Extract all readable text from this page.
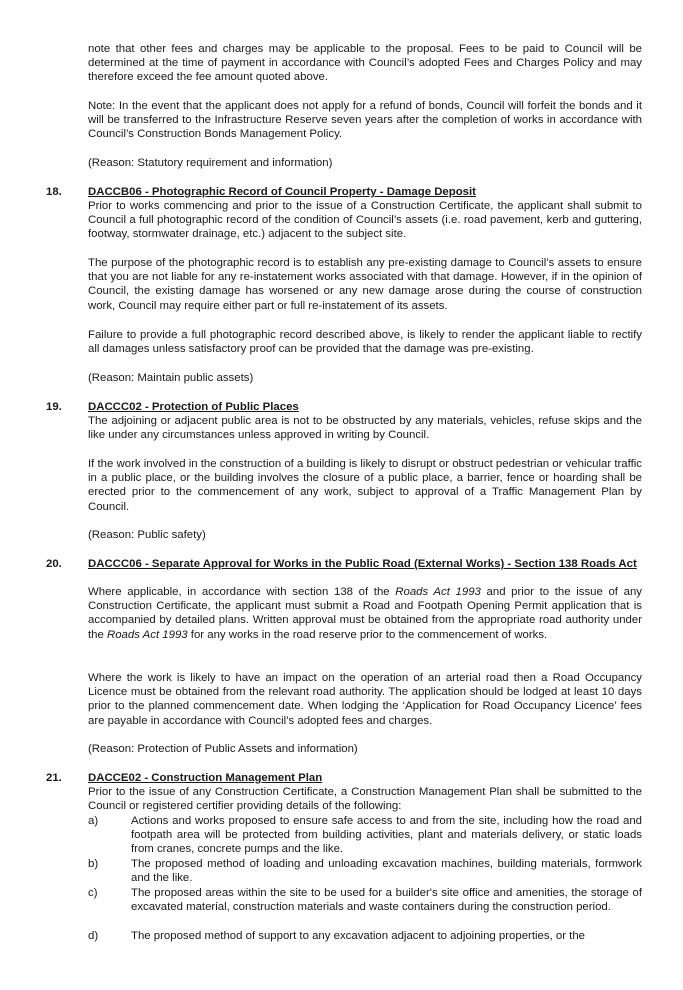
note that other fees and charges may be applicable to the proposal. Fees to be paid to Council will be determined at the time of payment in accordance with Council’s adopted Fees and Charges Policy and may therefore exceed the fee amount quoted above.

Note: In the event that the applicant does not apply for a refund of bonds, Council will forfeit the bonds and it will be transferred to the Infrastructure Reserve seven years after the completion of works in accordance with Council’s Construction Bonds Management Policy.

(Reason: Statutory requirement and information)

18. DACCB06 - Photographic Record of Council Property - Damage Deposit

Prior to works commencing and prior to the issue of a Construction Certificate, the applicant shall submit to Council a full photographic record of the condition of Council’s assets (i.e. road pavement, kerb and guttering, footway, stormwater drainage, etc.) adjacent to the subject site.

The purpose of the photographic record is to establish any pre-existing damage to Council’s assets to ensure that you are not liable for any re-instatement works associated with that damage. However, if in the opinion of Council, the existing damage has worsened or any new damage arose during the course of construction work, Council may require either part or full re-instatement of its assets.

Failure to provide a full photographic record described above, is likely to render the applicant liable to rectify all damages unless satisfactory proof can be provided that the damage was pre-existing.

(Reason: Maintain public assets)

19. DACCC02 - Protection of Public Places

The adjoining or adjacent public area is not to be obstructed by any materials, vehicles, refuse skips and the like under any circumstances unless approved in writing by Council.

If the work involved in the construction of a building is likely to disrupt or obstruct pedestrian or vehicular traffic in a public place, or the building involves the closure of a public place, a barrier, fence or hoarding shall be erected prior to the commencement of any work, subject to approval of a Traffic Management Plan by Council.

(Reason: Public safety)

20. DACCC06 - Separate Approval for Works in the Public Road (External Works) - Section 138 Roads Act

Where applicable, in accordance with section 138 of the Roads Act 1993 and prior to the issue of any Construction Certificate, the applicant must submit a Road and Footpath Opening Permit application that is accompanied by detailed plans. Written approval must be obtained from the appropriate road authority under the Roads Act 1993 for any works in the road reserve prior to the commencement of works.

Where the work is likely to have an impact on the operation of an arterial road then a Road Occupancy Licence must be obtained from the relevant road authority. The application should be lodged at least 10 days prior to the planned commencement date. When lodging the ‘Application for Road Occupancy Licence’ fees are payable in accordance with Council’s adopted fees and charges.

(Reason: Protection of Public Assets and information)

21. DACCE02 - Construction Management Plan

Prior to the issue of any Construction Certificate, a Construction Management Plan shall be submitted to the Council or registered certifier providing details of the following:

a)	Actions and works proposed to ensure safe access to and from the site, including how the road and footpath area will be protected from building activities, plant and materials delivery, or static loads from cranes, concrete pumps and the like.

b)	The proposed method of loading and unloading excavation machines, building materials, formwork and the like.

c)	The proposed areas within the site to be used for a builder's site office and amenities, the storage of excavated material, construction materials and waste containers during the construction period.

d)	The proposed method of support to any excavation adjacent to adjoining properties, or the
